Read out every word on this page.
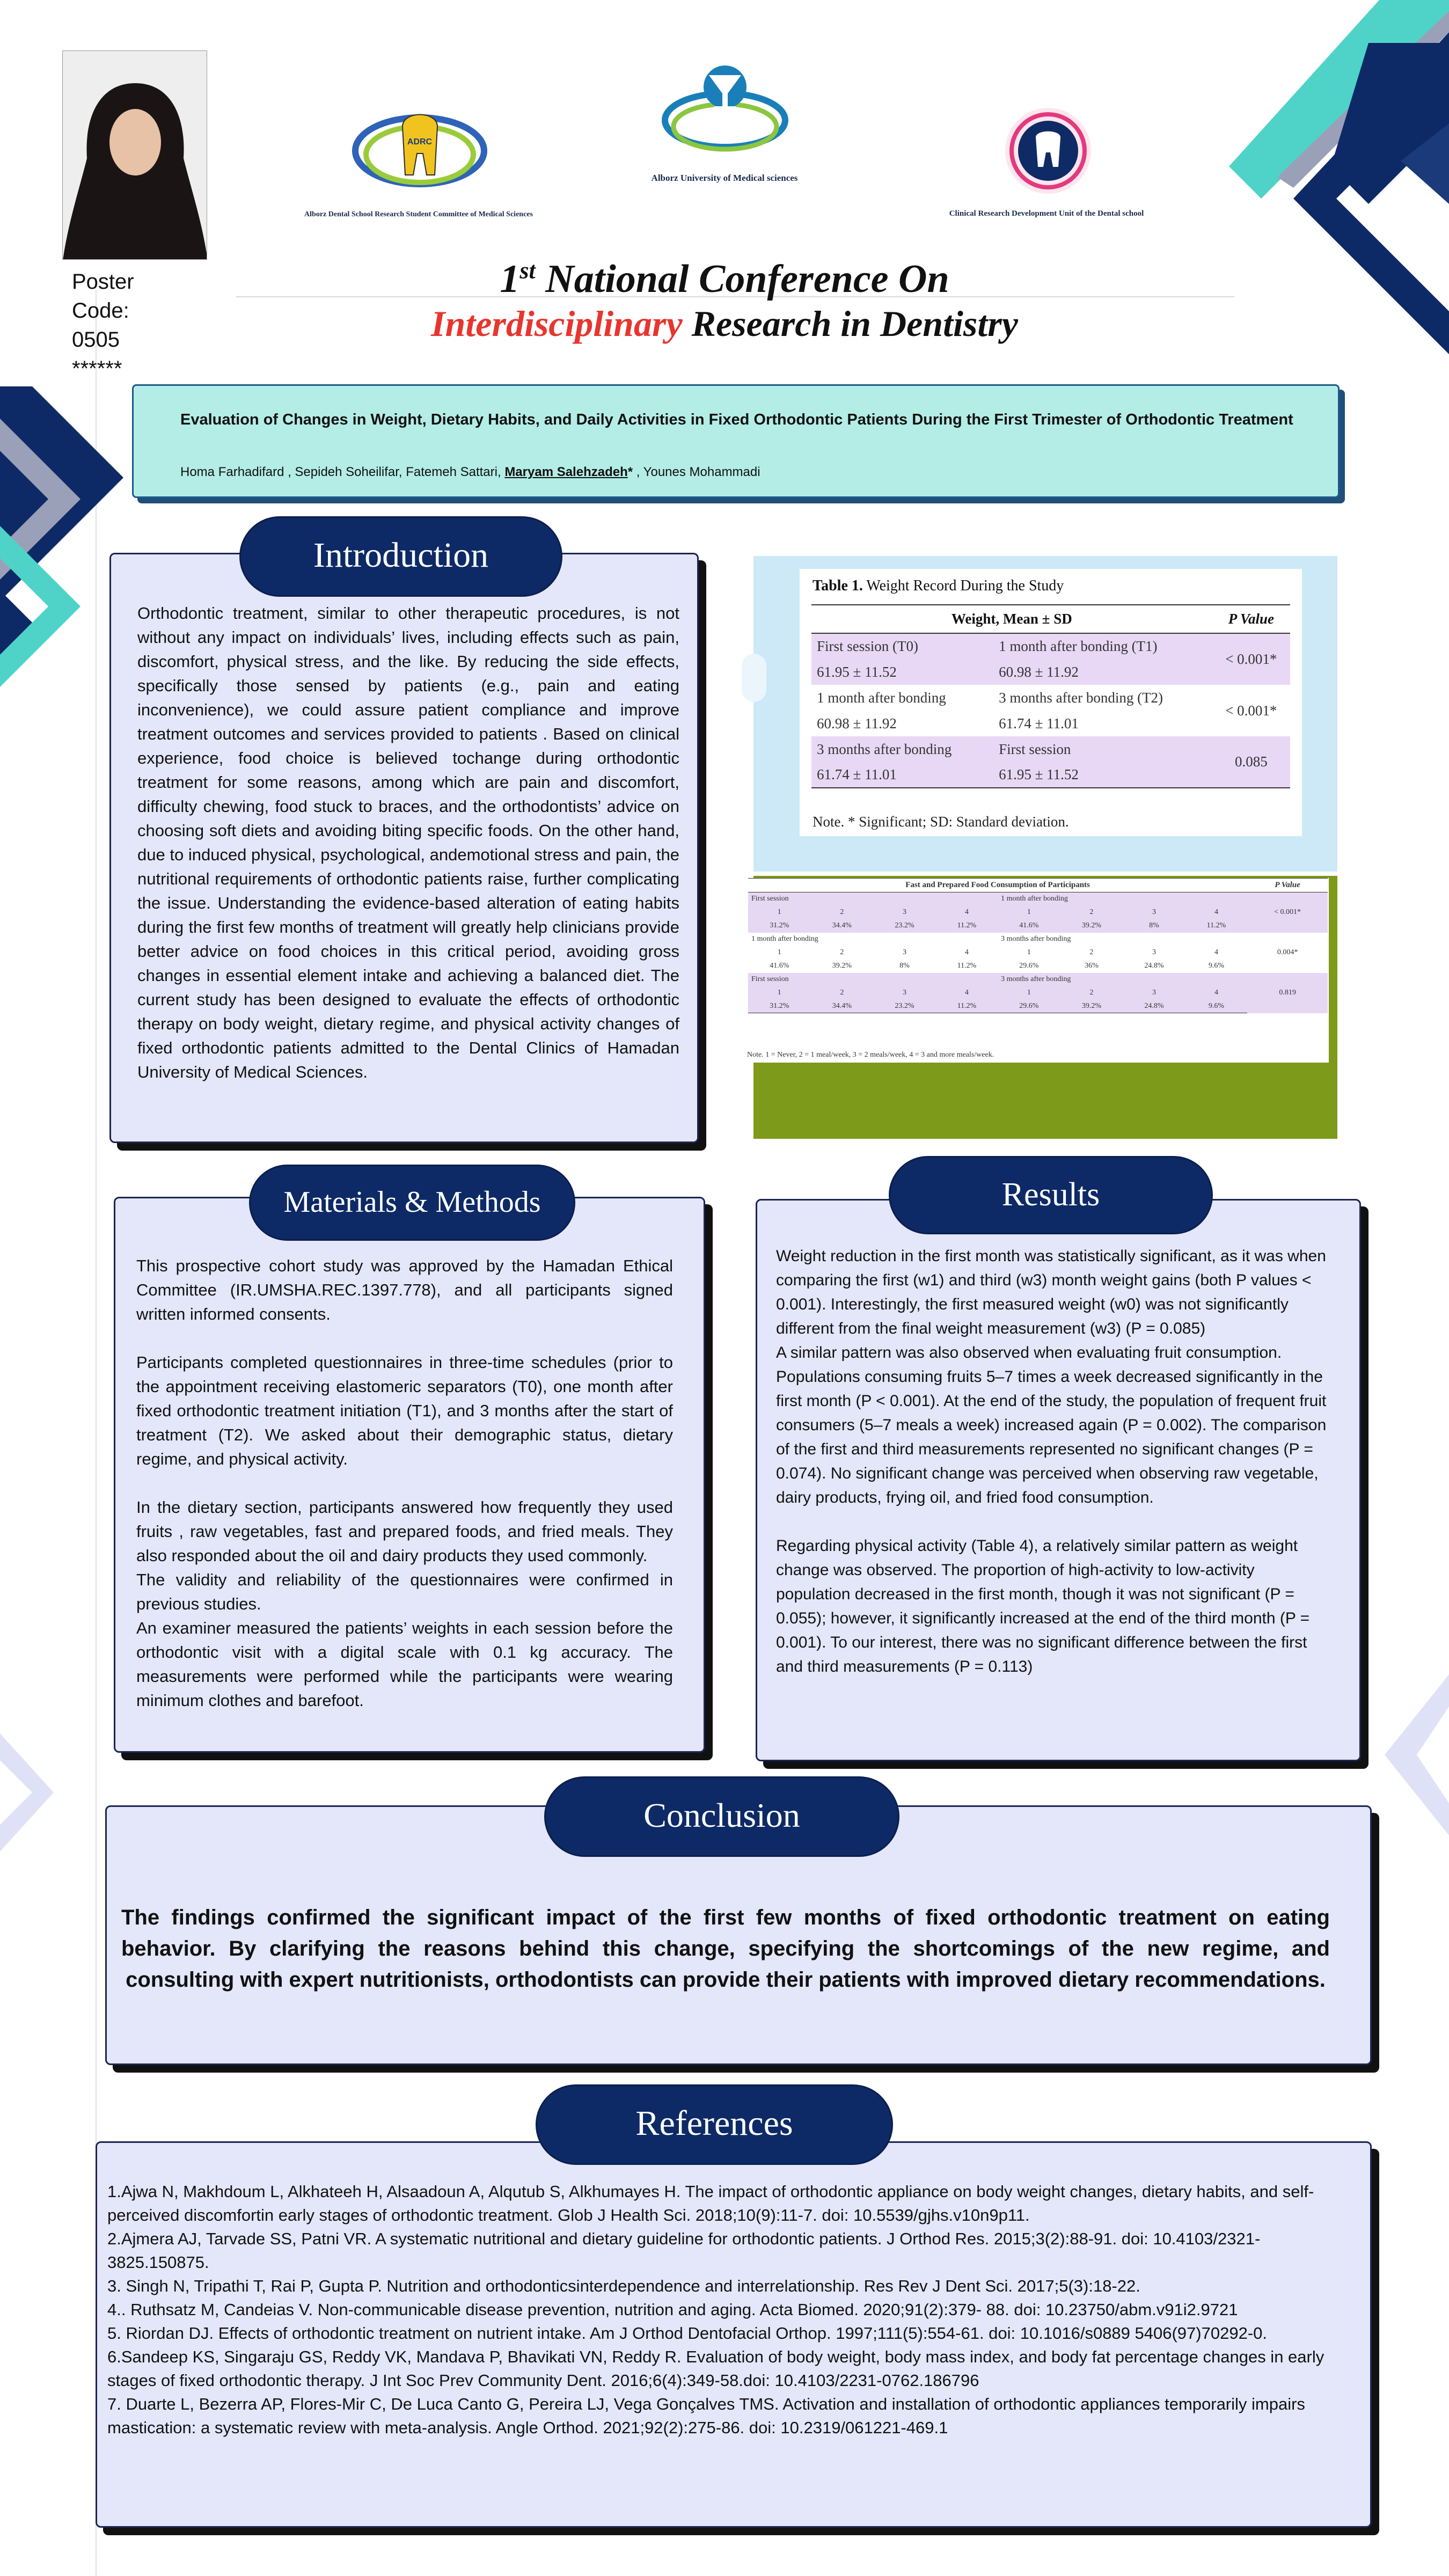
Poster
Code:
0505
******
ADRC
Alborz Dental School Research Student Committee of Medical Sciences
Alborz University of Medical sciences
Clinical Research Development Unit of the Dental school
1st National Conference On
Interdisciplinary Research in Dentistry
Evaluation of Changes in Weight, Dietary Habits, and Daily Activities in Fixed Orthodontic Patients During the First Trimester of Orthodontic Treatment
Homa Farhadifard , Sepideh Soheilifar, Fatemeh Sattari, Maryam Salehzadeh* , Younes Mohammadi
Introduction
Orthodontic treatment, similar to other therapeutic procedures, is not without any impact on individuals’ lives, including effects such as pain, discomfort, physical stress, and the like. By reducing the side effects, specifically those sensed by patients (e.g., pain and eating inconvenience), we could assure patient compliance and improve treatment outcomes and services provided to patients . Based on clinical experience, food choice is believed tochange during orthodontic treatment for some reasons, among which are pain and discomfort, difficulty chewing, food stuck to braces, and the orthodontists’ advice on choosing soft diets and avoiding biting specific foods. On the other hand, due to induced physical, psychological, andemotional stress and pain, the nutritional requirements of orthodontic patients raise, further complicating the issue. Understanding the evidence-based alteration of eating habits during the first few months of treatment will greatly help clinicians provide better advice on food choices in this critical period, avoiding gross changes in essential element intake and achieving a balanced diet. The current study has been designed to evaluate the effects of orthodontic therapy on body weight, dietary regime, and physical activity changes of fixed orthodontic patients admitted to the Dental Clinics of Hamadan University of Medical Sciences.
Table 1. Weight Record During the Study
Weight, Mean ± SD		P Value
First session (T0)	1 month after bonding (T1)	< 0.001*
61.95 ± 11.52	60.98 ± 11.92	
1 month after bonding	3 months after bonding (T2)	< 0.001*
60.98 ± 11.92	61.74 ± 11.01	
3 months after bonding	First session	0.085
61.74 ± 11.01	61.95 ± 11.52	
Note. * Significant; SD: Standard deviation.
Fast and Prepared Food Consumption of Participants								P Value
First session				1 month after bonding				< 0.001*
1	2	3	4	1	2	3	4	
31.2%	34.4%	23.2%	11.2%	41.6%	39.2%	8%	11.2%	
1 month after bonding				3 months after bonding				0.004*
1	2	3	4	1	2	3	4	
41.6%	39.2%	8%	11.2%	29.6%	36%	24.8%	9.6%	
First session				3 months after bonding				0.819
1	2	3	4	1	2	3	4	
31.2%	34.4%	23.2%	11.2%	29.6%	39.2%	24.8%	9.6%	
Note. 1 = Never, 2 = 1 meal/week, 3 = 2 meals/week, 4 = 3 and more meals/week.
Materials & Methods

This prospective cohort study was approved by the Hamadan Ethical Committee (IR.UMSHA.REC.1397.778), and all participants signed written informed consents.

Participants completed questionnaires in three-time schedules (prior to the appointment receiving elastomeric separators (T0), one month after fixed orthodontic treatment initiation (T1), and 3 months after the start of treatment (T2). We asked about their demographic status, dietary regime, and physical activity.

In the dietary section, participants answered how frequently they used fruits , raw vegetables, fast and prepared foods, and fried meals. They also responded about the oil and dairy products they used commonly.

The validity and reliability of the questionnaires were confirmed in previous studies.

An examiner measured the patients’ weights in each session before the orthodontic visit with a digital scale with 0.1 kg accuracy. The measurements were performed while the participants were wearing minimum clothes and barefoot.

Results

Weight reduction in the first month was statistically significant, as it was when comparing the first (w1) and third (w3) month weight gains (both P values < 0.001). Interestingly, the first measured weight (w0) was not significantly different from the final weight measurement (w3) (P = 0.085)

A similar pattern was also observed when evaluating fruit consumption. Populations consuming fruits 5–7 times a week decreased significantly in the first month (P < 0.001). At the end of the study, the population of frequent fruit consumers (5–7 meals a week) increased again (P = 0.002). The comparison of the first and third measurements represented no significant changes (P = 0.074). No significant change was perceived when observing raw vegetable, dairy products, frying oil, and fried food consumption.

Regarding physical activity (Table 4), a relatively similar pattern as weight change was observed. The proportion of high-activity to low-activity population decreased in the first month, though it was not significant (P = 0.055); however, it significantly increased at the end of the third month (P = 0.001). To our interest, there was no significant difference between the first and third measurements (P = 0.113)

Conclusion
The findings confirmed the significant impact of the first few months of fixed orthodontic treatment on eating behavior. By clarifying the reasons behind this change, specifying the shortcomings of the new regime, and consulting with expert nutritionists, orthodontists can provide their patients with improved dietary recommendations.
References
1.Ajwa N, Makhdoum L, Alkhateeh H, Alsaadoun A, Alqutub S, Alkhumayes H. The impact of orthodontic appliance on body weight changes, dietary habits, and self-perceived discomfortin early stages of orthodontic treatment. Glob J Health Sci. 2018;10(9):11-7. doi: 10.5539/gjhs.v10n9p11.
2.Ajmera AJ, Tarvade SS, Patni VR. A systematic nutritional and dietary guideline for orthodontic patients. J Orthod Res. 2015;3(2):88-91. doi: 10.4103/2321-3825.150875.
3. Singh N, Tripathi T, Rai P, Gupta P. Nutrition and orthodonticsinterdependence and interrelationship. Res Rev J Dent Sci. 2017;5(3):18-22.
4.. Ruthsatz M, Candeias V. Non-communicable disease prevention, nutrition and aging. Acta Biomed. 2020;91(2):379- 88. doi: 10.23750/abm.v91i2.9721
5. Riordan DJ. Effects of orthodontic treatment on nutrient intake. Am J Orthod Dentofacial Orthop. 1997;111(5):554-61. doi: 10.1016/s0889 5406(97)70292-0.
6.Sandeep KS, Singaraju GS, Reddy VK, Mandava P, Bhavikati VN, Reddy R. Evaluation of body weight, body mass index, and body fat percentage changes in early stages of fixed orthodontic therapy. J Int Soc Prev Community Dent. 2016;6(4):349-58.doi: 10.4103/2231-0762.186796
7. Duarte L, Bezerra AP, Flores-Mir C, De Luca Canto G, Pereira LJ, Vega Gonçalves TMS. Activation and installation of orthodontic appliances temporarily impairs mastication: a systematic review with meta-analysis. Angle Orthod. 2021;92(2):275-86. doi: 10.2319/061221-469.1
